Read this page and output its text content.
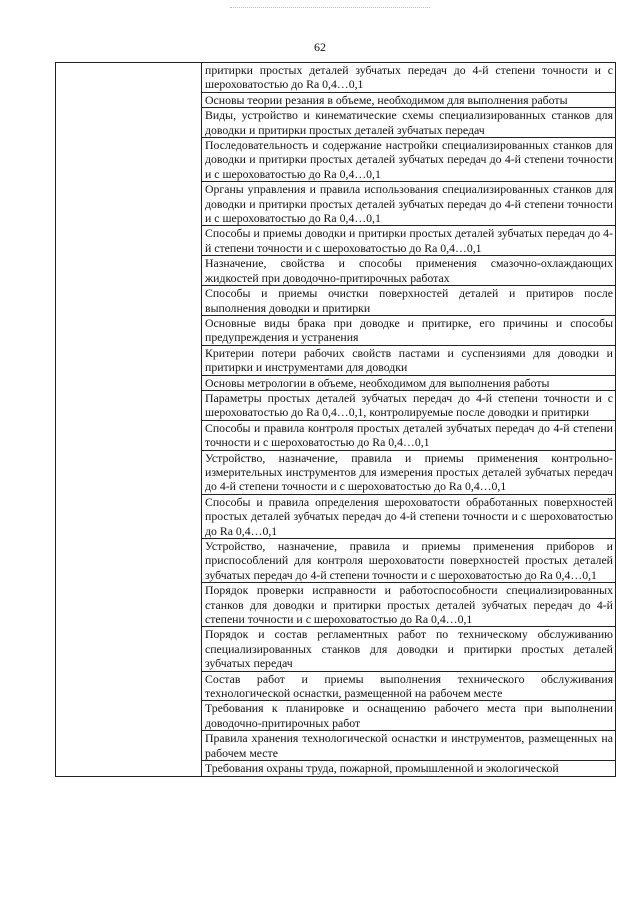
62
	притирки простых деталей зубчатых передач до 4-й степени точности и с шероховатостью до Ra 0,4…0,1
Основы теории резания в объеме, необходимом для выполнения работы
Виды, устройство и кинематические схемы специализированных станков для доводки и притирки простых деталей зубчатых передач
Последовательность и содержание настройки специализированных станков для доводки и притирки простых деталей зубчатых передач до 4-й степени точности и с шероховатостью до Ra 0,4…0,1
Органы управления и правила использования специализированных станков для доводки и притирки простых деталей зубчатых передач до 4-й степени точности и с шероховатостью до Ra 0,4…0,1
Способы и приемы доводки и притирки простых деталей зубчатых передач до 4-й степени точности и с шероховатостью до Ra 0,4…0,1
Назначение, свойства и способы применения смазочно-охлаждающих жидкостей при доводочно-притирочных работах
Способы и приемы очистки поверхностей деталей и притиров после выполнения доводки и притирки
Основные виды брака при доводке и притирке, его причины и способы предупреждения и устранения
Критерии потери рабочих свойств пастами и суспензиями для доводки и притирки и инструментами для доводки
Основы метрологии в объеме, необходимом для выполнения работы
Параметры простых деталей зубчатых передач до 4-й степени точности и с шероховатостью до Ra 0,4…0,1, контролируемые после доводки и притирки
Способы и правила контроля простых деталей зубчатых передач до 4-й степени точности и с шероховатостью до Ra 0,4…0,1
Устройство, назначение, правила и приемы применения контрольно-измерительных инструментов для измерения простых деталей зубчатых передач до 4-й степени точности и с шероховатостью до Ra 0,4…0,1
Способы и правила определения шероховатости обработанных поверхностей простых деталей зубчатых передач до 4-й степени точности и с шероховатостью до Ra 0,4…0,1
Устройство, назначение, правила и приемы применения приборов и приспособлений для контроля шероховатости поверхностей простых деталей зубчатых передач до 4-й степени точности и с шероховатостью до Ra 0,4…0,1
Порядок проверки исправности и работоспособности специализированных станков для доводки и притирки простых деталей зубчатых передач до 4-й степени точности и с шероховатостью до Ra 0,4…0,1
Порядок и состав регламентных работ по техническому обслуживанию специализированных станков для доводки и притирки простых деталей зубчатых передач
Состав работ и приемы выполнения технического обслуживания технологической оснастки, размещенной на рабочем месте
Требования к планировке и оснащению рабочего места при выполнении доводочно-притирочных работ
Правила хранения технологической оснастки и инструментов, размещенных на рабочем месте
Требования охраны труда, пожарной, промышленной и экологической
